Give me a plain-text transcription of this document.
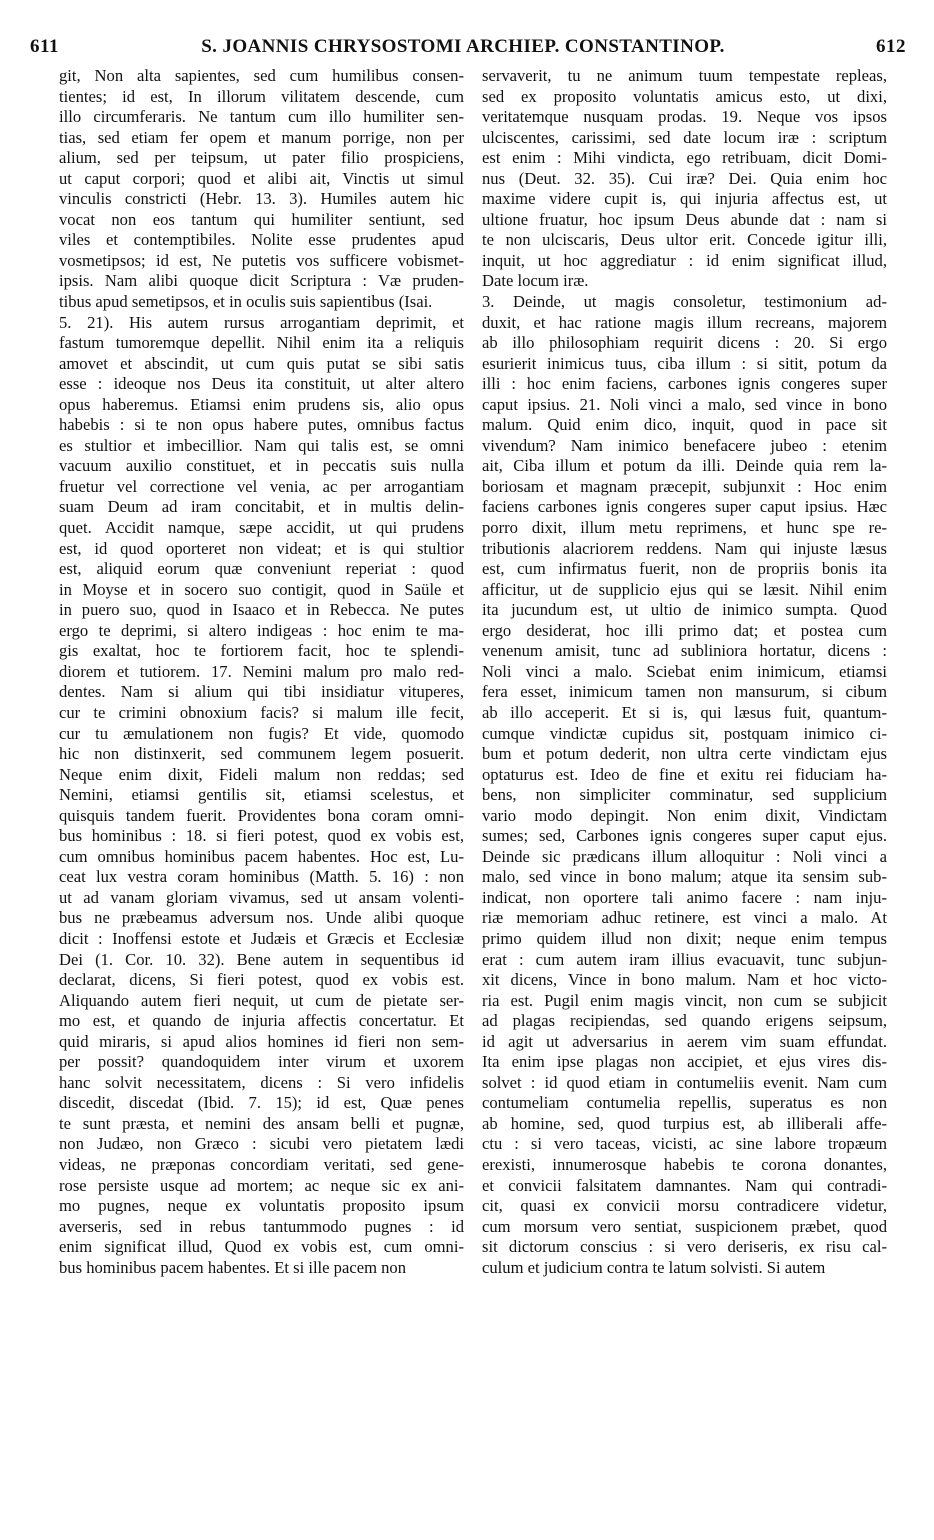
611	S. JOANNIS CHRYSOSTOMI ARCHIEP. CONSTANTINOP.	612
git, Non alta sapientes, sed cum humilibus consen-
tientes; id est, In illorum vilitatem descende, cum
illo circumferaris. Ne tantum cum illo humiliter sen-
tias, sed etiam fer opem et manum porrige, non per
alium, sed per teipsum, ut pater filio prospiciens,
ut caput corpori; quod et alibi ait, Vinctis ut simul
vinculis constricti (Hebr. 13. 3). Humiles autem hic
vocat non eos tantum qui humiliter sentiunt, sed
viles et contemptibiles. Nolite esse prudentes apud
vosmetipsos; id est, Ne putetis vos sufficere vobismet-
ipsis. Nam alibi quoque dicit Scriptura : Væ pruden-
tibus apud semetipsos, et in oculis suis sapientibus (Isai.
5. 21). His autem rursus arrogantiam deprimit, et
fastum tumoremque depellit. Nihil enim ita a reliquis
amovet et abscindit, ut cum quis putat se sibi satis
esse : ideoque nos Deus ita constituit, ut alter altero
opus haberemus. Etiamsi enim prudens sis, alio opus
habebis : si te non opus habere putes, omnibus factus
es stultior et imbecillior. Nam qui talis est, se omni
vacuum auxilio constituet, et in peccatis suis nulla
fruetur vel correctione vel venia, ac per arrogantiam
suam Deum ad iram concitabit, et in multis delin-
quet. Accidit namque, sæpe accidit, ut qui prudens
est, id quod oporteret non videat; et is qui stultior
est, aliquid eorum quæ conveniunt reperiat : quod
in Moyse et in socero suo contigit, quod in Saüle et
in puero suo, quod in Isaaco et in Rebecca. Ne putes
ergo te deprimi, si altero indigeas : hoc enim te ma-
gis exaltat, hoc te fortiorem facit, hoc te splendi-
diorem et tutiorem. 17. Nemini malum pro malo red-
dentes. Nam si alium qui tibi insidiatur vituperes,
cur te crimini obnoxium facis? si malum ille fecit,
cur tu æmulationem non fugis? Et vide, quomodo
hic non distinxerit, sed communem legem posuerit.
Neque enim dixit, Fideli malum non reddas; sed
Nemini, etiamsi gentilis sit, etiamsi scelestus, et
quisquis tandem fuerit. Providentes bona coram omni-
bus hominibus : 18. si fieri potest, quod ex vobis est,
cum omnibus hominibus pacem habentes. Hoc est, Lu-
ceat lux vestra coram hominibus (Matth. 5. 16) : non
ut ad vanam gloriam vivamus, sed ut ansam volenti-
bus ne præbeamus adversum nos. Unde alibi quoque
dicit : Inoffensi estote et Judæis et Græcis et Ecclesiæ
Dei (1. Cor. 10. 32). Bene autem in sequentibus id
declarat, dicens, Si fieri potest, quod ex vobis est.
Aliquando autem fieri nequit, ut cum de pietate ser-
mo est, et quando de injuria affectis concertatur. Et
quid miraris, si apud alios homines id fieri non sem-
per possit? quandoquidem inter virum et uxorem
hanc solvit necessitatem, dicens : Si vero infidelis
discedit, discedat (Ibid. 7. 15); id est, Quæ penes
te sunt præsta, et nemini des ansam belli et pugnæ,
non Judæo, non Græco : sicubi vero pietatem lædi
videas, ne præponas concordiam veritati, sed gene-
rose persiste usque ad mortem; ac neque sic ex ani-
mo pugnes, neque ex voluntatis proposito ipsum
averseris, sed in rebus tantummodo pugnes : id
enim significat illud, Quod ex vobis est, cum omni-
bus hominibus pacem habentes. Et si ille pacem non
servaverit, tu ne animum tuum tempestate repleas,
sed ex proposito voluntatis amicus esto, ut dixi,
veritatemque nusquam prodas. 19. Neque vos ipsos
ulciscentes, carissimi, sed date locum iræ : scriptum
est enim : Mihi vindicta, ego retribuam, dicit Domi-
nus (Deut. 32. 35). Cui iræ? Dei. Quia enim hoc
maxime videre cupit is, qui injuria affectus est, ut
ultione fruatur, hoc ipsum Deus abunde dat : nam si
te non ulciscaris, Deus ultor erit. Concede igitur illi,
inquit, ut hoc aggrediatur : id enim significat illud,
Date locum iræ.
3. Deinde, ut magis consoletur, testimonium ad-
duxit, et hac ratione magis illum recreans, majorem
ab illo philosophiam requirit dicens : 20. Si ergo
esurierit inimicus tuus, ciba illum : si sitit, potum da
illi : hoc enim faciens, carbones ignis congeres super
caput ipsius. 21. Noli vinci a malo, sed vince in bono
malum. Quid enim dico, inquit, quod in pace sit
vivendum? Nam inimico benefacere jubeo : etenim
ait, Ciba illum et potum da illi. Deinde quia rem la-
boriosam et magnam præcepit, subjunxit : Hoc enim
faciens carbones ignis congeres super caput ipsius. Hæc
porro dixit, illum metu reprimens, et hunc spe re-
tributionis alacriorem reddens. Nam qui injuste læsus
est, cum infirmatus fuerit, non de propriis bonis ita
afficitur, ut de supplicio ejus qui se læsit. Nihil enim
ita jucundum est, ut ultio de inimico sumpta. Quod
ergo desiderat, hoc illi primo dat; et postea cum
venenum amisit, tunc ad subliniora hortatur, dicens :
Noli vinci a malo. Sciebat enim inimicum, etiamsi
fera esset, inimicum tamen non mansurum, si cibum
ab illo acceperit. Et si is, qui læsus fuit, quantum-
cumque vindictæ cupidus sit, postquam inimico ci-
bum et potum dederit, non ultra certe vindictam ejus
optaturus est. Ideo de fine et exitu rei fiduciam ha-
bens, non simpliciter comminatur, sed supplicium
vario modo depingit. Non enim dixit, Vindictam
sumes; sed, Carbones ignis congeres super caput ejus.
Deinde sic prædicans illum alloquitur : Noli vinci a
malo, sed vince in bono malum; atque ita sensim sub-
indicat, non oportere tali animo facere : nam inju-
riæ memoriam adhuc retinere, est vinci a malo. At
primo quidem illud non dixit; neque enim tempus
erat : cum autem iram illius evacuavit, tunc subjun-
xit dicens, Vince in bono malum. Nam et hoc victo-
ria est. Pugil enim magis vincit, non cum se subjicit
ad plagas recipiendas, sed quando erigens seipsum,
id agit ut adversarius in aerem vim suam effundat.
Ita enim ipse plagas non accipiet, et ejus vires dis-
solvet : id quod etiam in contumeliis evenit. Nam cum
contumeliam contumelia repellis, superatus es non
ab homine, sed, quod turpius est, ab illiberali affe-
ctu : si vero taceas, vicisti, ac sine labore tropæum
erexisti, innumerosque habebis te corona donantes,
et convicii falsitatem damnantes. Nam qui contradi-
cit, quasi ex convicii morsu contradicere videtur,
cum morsum vero sentiat, suspicionem præbet, quod
sit dictorum conscius : si vero deriseris, ex risu cal-
culum et judicium contra te latum solvisti. Si autem
